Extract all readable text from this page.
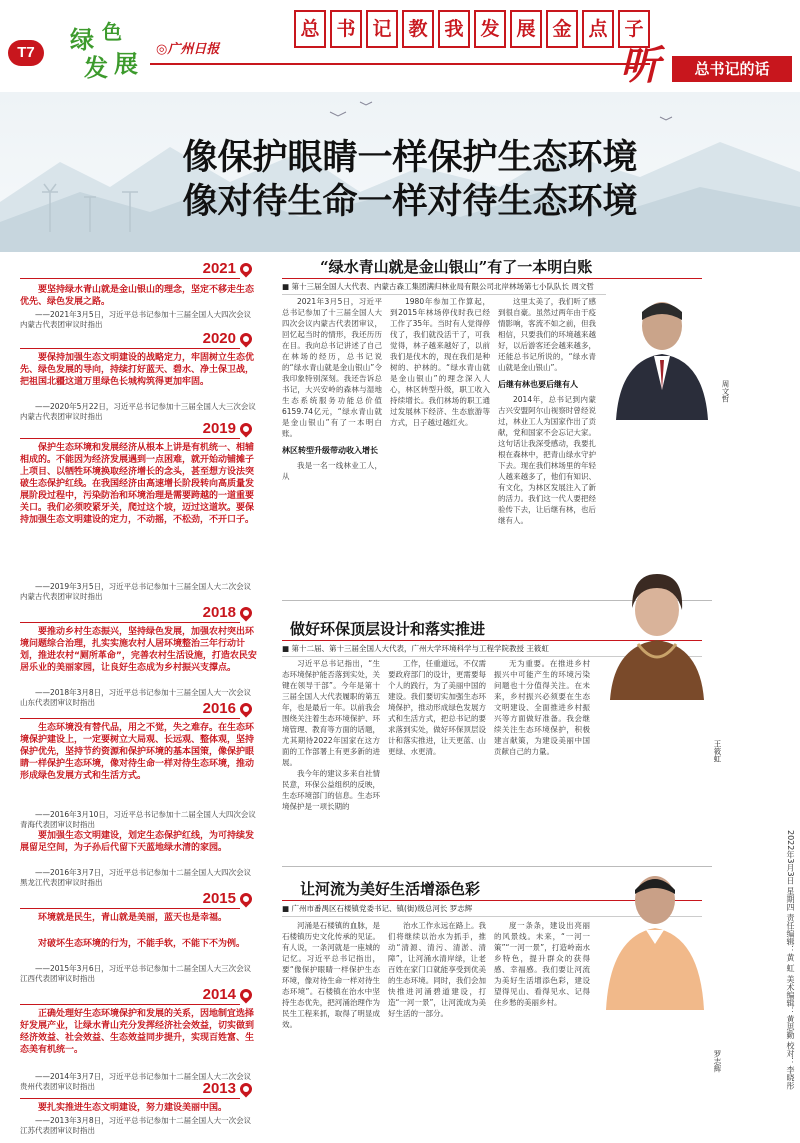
T7	绿 色
发 展 ◎广州日报
总 书 记 教 我 发 展 金 点 子
听	总书记的话
像保护眼睛一样保护生态环境
像对待生命一样对待生态环境
2021
要坚持绿水青山就是金山银山的理念，坚定不移走生态优先、绿色发展之路。
——2021年3月5日，习近平总书记参加十三届全国人大四次会议内蒙古代表团审议时指出
2020
要保持加强生态文明建设的战略定力，牢固树立生态优先、绿色发展的导向，持续打好蓝天、碧水、净土保卫战，把祖国北疆这道万里绿色长城构筑得更加牢固。
——2020年5月22日，习近平总书记参加十三届全国人大三次会议内蒙古代表团审议时指出
2019
保护生态环境和发展经济从根本上讲是有机统一、相辅相成的。不能因为经济发展遇到一点困难，就开始动铺摊子上项目、以牺牲环境换取经济增长的念头，甚至想方设法突破生态保护红线。在我国经济由高速增长阶段转向高质量发展阶段过程中，污染防治和环境治理是需要跨越的一道重要关口。我们必须咬紧牙关，爬过这个坡，迈过这道坎。要保持加强生态文明建设的定力，不动摇，不松劲，不开口子。
——2019年3月5日，习近平总书记参加十三届全国人大二次会议内蒙古代表团审议时指出
2018
要推动乡村生态振兴，坚持绿色发展，加强农村突出环境问题综合治理，扎实实施农村人居环境整治三年行动计划，推进农村“厕所革命”，完善农村生活设施，打造农民安居乐业的美丽家园，让良好生态成为乡村振兴支撑点。
——2018年3月8日，习近平总书记参加十三届全国人大一次会议山东代表团审议时指出	2016
生态环境没有替代品，用之不觉，失之难存。在生态环境保护建设上，一定要树立大局观、长远观、整体观，坚持保护优先，坚持节约资源和保护环境的基本国策，像保护眼睛一样保护生态环境，像对待生命一样对待生态环境，推动形成绿色发展方式和生活方式。
——2016年3月10日，习近平总书记参加十二届全国人大四次会议青海代表团审议时指出
要加强生态文明建设，划定生态保护红线，为可持续发展留足空间，为子孙后代留下天蓝地绿水清的家园。
——2016年3月7日，习近平总书记参加十二届全国人大四次会议黑龙江代表团审议时指出
2015
环境就是民生，青山就是美丽，蓝天也是幸福。
对破坏生态环境的行为，不能手软，不能下不为例。
——2015年3月6日，习近平总书记参加十二届全国人大三次会议江西代表团审议时指出
2014
正确处理好生态环境保护和发展的关系，因地制宜选择好发展产业，让绿水青山充分发挥经济社会效益，切实做到经济效益、社会效益、生态效益同步提升，实现百姓富、生态美有机统一。
——2014年3月7日，习近平总书记参加十二届全国人大二次会议贵州代表团审议时指出	2013
要扎实推进生态文明建设，努力建设美丽中国。
——2013年3月8日，习近平总书记参加十二届全国人大一次会议江苏代表团审议时指出
“绿水青山就是金山银山”有了一本明白账
■ 第十三届全国人大代表、内蒙古森工集团满归林业局有限公司北岸林场第七小队队长 周文哲

2021年3月5日，习近平总书记参加了十三届全国人大四次会议内蒙古代表团审议，回忆起当时的情形，我还历历在目。我向总书记讲述了自己在林场的经历，总书记说的“绿水青山就是金山银山”令我印象特别深刻。我还告诉总书记，大兴安岭的森林与湿地生态系统服务功能总价值6159.74亿元，“绿水青山就是金山银山”有了一本明白账。

林区转型升级带动收入增长

我是一名一线林业工人，从

1980年参加工作算起，到2015年林场停伐时我已经工作了35年。当时有人觉得停伐了，我们就没活干了，可我觉得，林子越来越好了，以前我们是伐木的，现在我们是种树的、护林的。“绿水青山就是金山银山”的理念深入人心，林区转型升级，职工收入持续增长。我们林场的职工通过发展林下经济、生态旅游等方式，日子越过越红火。

这里太美了，我们听了感到很自豪。虽然过两年由于疫情影响，客流不如之前，但我相信，只要我们的环境越来越好，以后游客还会越来越多，还能总书记所说的，“绿水青山就是金山银山”。

后继有林也要后继有人

2014年，总书记到内蒙古兴安盟阿尔山视察时曾经说过，林业工人为国家作出了贡献，党和国家不会忘记大家。这句话让我深受感动，我要扎根在森林中，把青山绿水守护下去。现在我们林场里的年轻人越来越多了，他们有知识、有文化，为林区发展注入了新的活力。我们这一代人要把经验传下去，让后继有林，也后继有人。

周文哲
做好环保顶层设计和落实推进
■ 第十二届、第十三届全国人大代表，广州大学环境科学与工程学院教授 王筱虹

习近平总书记指出，“生态环境保护能否落到实处，关键在领导干部”。今年是第十三届全国人大代表履职的第五年，也是最后一年。以前我会围绕关注着生态环境保护、环境管理、教育等方面的话题，尤其期待2022年国家在这方面的工作部署上有更多新的进展。

我今年的建议多来自社情民意，环保公益组织的反映，生态环境部门的信息。生态环境保护是一项长期的

工作，任重道远，不仅需要政府部门的设计，更需要每个人的践行，为了美丽中国的建设。我们要切实加强生态环境保护，推动形成绿色发展方式和生活方式，把总书记的要求落到实处，做好环保顶层设计和落实推进，让天更蓝、山更绿、水更清。

无为重要。在推进乡村振兴中可能产生的环境污染问题也十分值得关注。在未来，乡村振兴必须要在生态文明建设、全面推进乡村振兴等方面做好准备。我会继续关注生态环境保护，积极建言献策，为建设美丽中国贡献自己的力量。	王筱虹
让河流为美好生活增添色彩
■ 广州市番禺区石楼镇党委书记、镇(街)级总河长 罗志辉

河涌是石楼镇的血脉，是石楼镇历史文化传承的见证。有人说，一条河就是一座城的记忆。习近平总书记指出，要“像保护眼睛一样保护生态环境，像对待生命一样对待生态环境”。石楼镇在治水中坚持生态优先，把河涌治理作为民生工程来抓，取得了明显成效。

治水工作永远在路上。我们将继续以治水为抓手，推动“清源、清污、清淤、清障”，让河涌水清岸绿，让老百姓在家门口就能享受到优美的生态环境。同时，我们会加快推进河涌碧道建设，打造“一河一景”，让河流成为美好生活的一部分。

度一条条，建设出亮丽的风景线。未来，“一河一策”“一河一景”，打造岭南水乡特色，提升群众的获得感、幸福感。我们要让河流为美好生活增添色彩，建设望得见山、看得见水、记得住乡愁的美丽乡村。

罗志辉	2022年3月3日 星期四 责任编辑：黄 虹 美术编辑：黄思勤 校对：李晓彤
